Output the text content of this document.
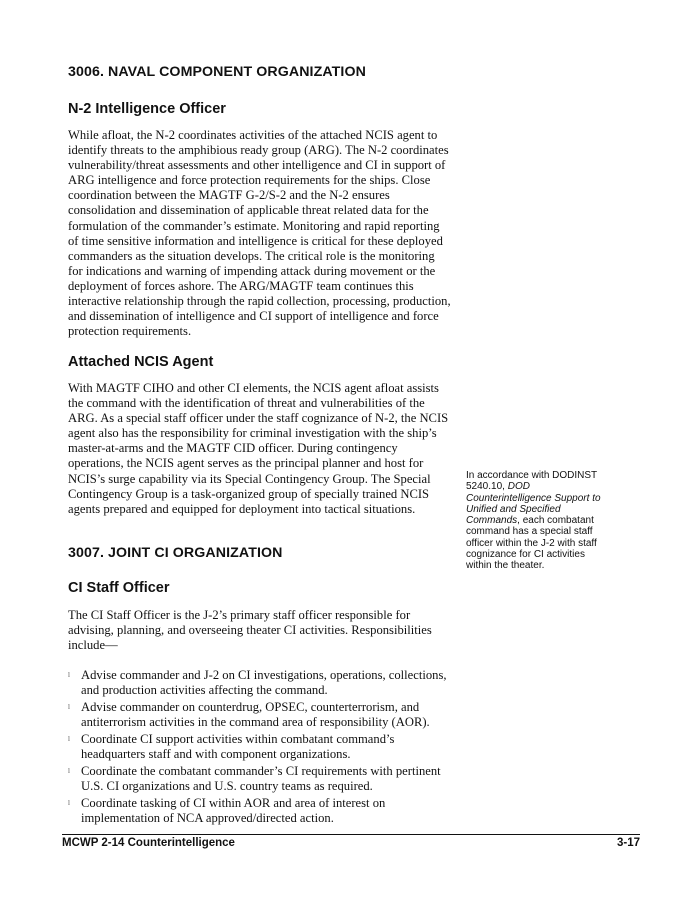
3006. NAVAL COMPONENT ORGANIZATION
N-2 Intelligence Officer

While afloat, the N-2 coordinates activities of the attached NCIS agent to identify threats to the amphibious ready group (ARG). The N-2 coordinates vulnerability/threat assessments and other intelligence and CI in support of ARG intelligence and force protection requirements for the ships. Close coordination between the MAGTF G-2/S-2 and the N-2 ensures consolidation and dissemination of applicable threat related data for the formulation of the commander’s estimate. Monitoring and rapid reporting of time sensitive information and intelligence is critical for these deployed commanders as the situation develops. The critical role is the monitoring for indications and warning of impending attack during movement or the deployment of forces ashore. The ARG/MAGTF team continues this interactive relationship through the rapid collection, processing, production, and dissemination of intelligence and CI support of intelligence and force protection requirements.

Attached NCIS Agent

With MAGTF CIHO and other CI elements, the NCIS agent afloat assists the command with the identification of threat and vulnerabilities of the ARG. As a special staff officer under the staff cognizance of N-2, the NCIS agent also has the responsibility for criminal investigation with the ship’s master-at-arms and the MAGTF CID officer. During contingency operations, the NCIS agent serves as the principal planner and host for NCIS’s surge capability via its Special Contingency Group. The Special Contingency Group is a task-organized group of specially trained NCIS agents prepared and equipped for deployment into tactical situations.

3007. JOINT CI ORGANIZATION
CI Staff Officer

The CI Staff Officer is the J-2’s primary staff officer responsible for advising, planning, and overseeing theater CI activities. Responsibilities include—

l Advise commander and J-2 on CI investigations, operations, collections, and production activities affecting the command.
l Advise commander on counterdrug, OPSEC, counterterrorism, and antiterrorism activities in the command area of responsibility (AOR).
l Coordinate CI support activities within combatant command’s headquarters staff and with component organizations.
l Coordinate the combatant commander’s CI requirements with pertinent U.S. CI organizations and U.S. country teams as required.
l Coordinate tasking of CI within AOR and area of interest on implementation of NCA approved/directed action.

In accordance with DODINST 5240.10, DOD Counterintelligence Support to Unified and Specified Commands, each combatant command has a special staff officer within the J-2 with staff cognizance for CI activities within the theater.

MCWP 2-14 Counterintelligence	3-17
